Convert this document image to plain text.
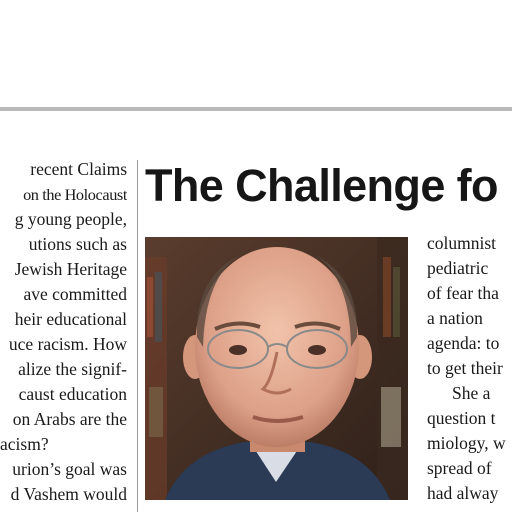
recent Claims
on the Holocaust
g young people,
utions such as
Jewish Heritage
ave committed
heir educational
uce racism. How
alize the signif-
caust education
on Arabs are the
acism?
urion’s goal was
d Vashem would
The Challenge fo
columnist
pediatric
of fear tha
a nation
agenda: to
to get their
She a
question t
miology, w
spread of
had alway
